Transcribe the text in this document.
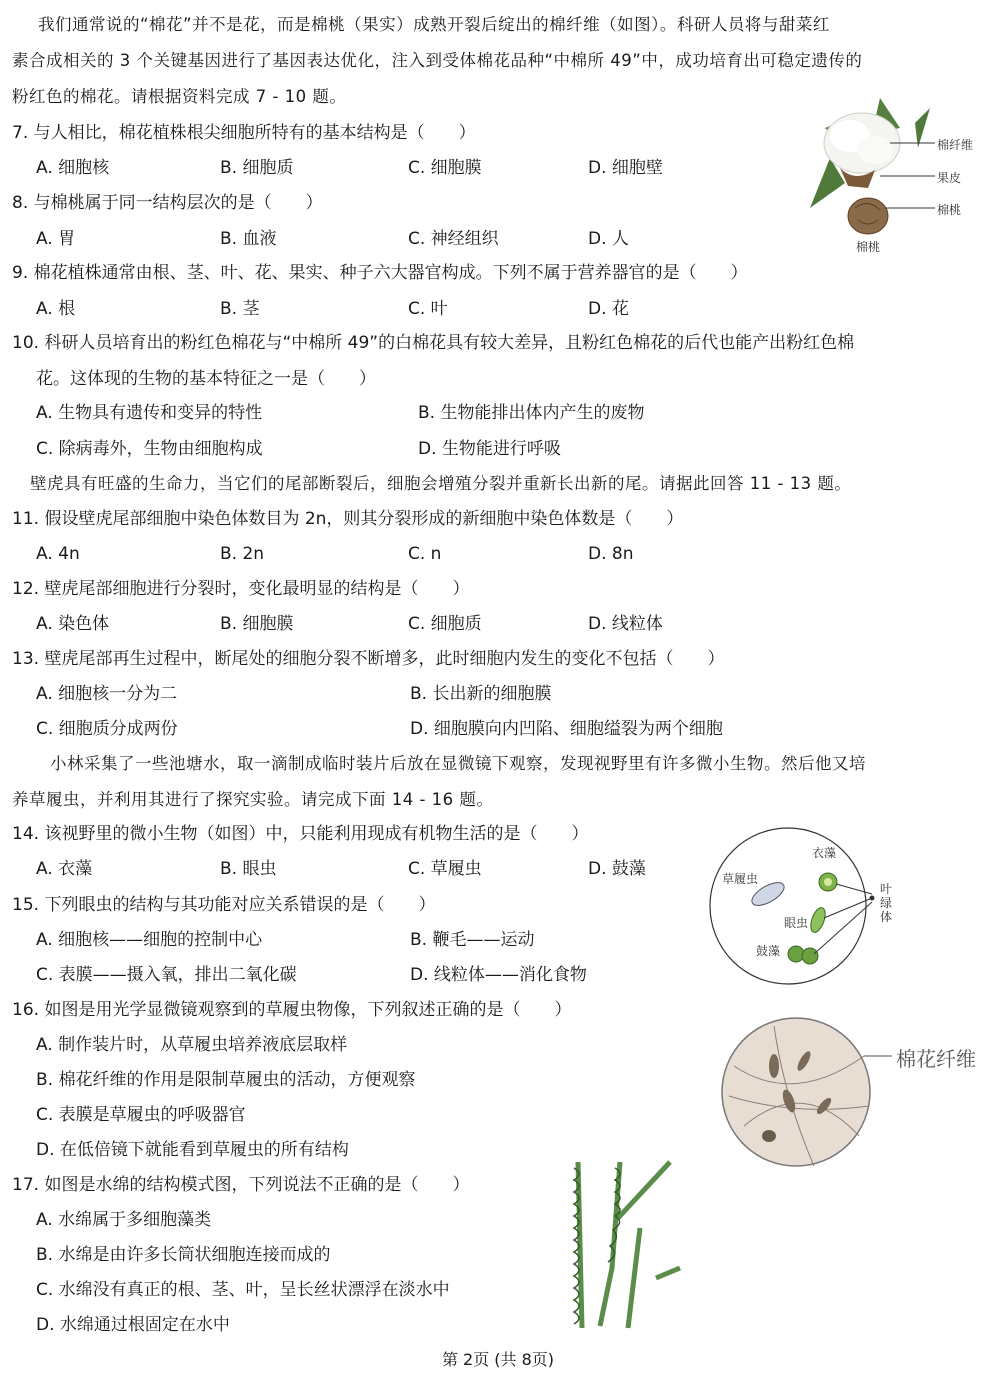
我们通常说的“棉花”并不是花，而是棉桃（果实）成熟开裂后绽出的棉纤维（如图）。科研人员将与甜菜红
素合成相关的 3 个关键基因进行了基因表达优化，注入到受体棉花品种“中棉所 49”中，成功培育出可稳定遗传的
粉红色的棉花。请根据资料完成 7 - 10 题。
7. 与人相比，棉花植株根尖细胞所特有的基本结构是（　　）
A. 细胞核	B. 细胞质	C. 细胞膜	D. 细胞壁
8. 与棉桃属于同一结构层次的是（　　）
A. 胃	B. 血液	C. 神经组织	D. 人
9. 棉花植株通常由根、茎、叶、花、果实、种子六大器官构成。下列不属于营养器官的是（　　）
A. 根	B. 茎	C. 叶	D. 花
10. 科研人员培育出的粉红色棉花与“中棉所 49”的白棉花具有较大差异，且粉红色棉花的后代也能产出粉红色棉
花。这体现的生物的基本特征之一是（　　）
A. 生物具有遗传和变异的特性	B. 生物能排出体内产生的废物
C. 除病毒外，生物由细胞构成	D. 生物能进行呼吸
壁虎具有旺盛的生命力，当它们的尾部断裂后，细胞会增殖分裂并重新长出新的尾。请据此回答 11 - 13 题。
11. 假设壁虎尾部细胞中染色体数目为 2n，则其分裂形成的新细胞中染色体数是（　　）
A. 4n	B. 2n	C. n	D. 8n
12. 壁虎尾部细胞进行分裂时，变化最明显的结构是（　　）
A. 染色体	B. 细胞膜	C. 细胞质	D. 线粒体
13. 壁虎尾部再生过程中，断尾处的细胞分裂不断增多，此时细胞内发生的变化不包括（　　）
A. 细胞核一分为二	B. 长出新的细胞膜
C. 细胞质分成两份	D. 细胞膜向内凹陷、细胞缢裂为两个细胞
小林采集了一些池塘水，取一滴制成临时装片后放在显微镜下观察，发现视野里有许多微小生物。然后他又培
养草履虫，并利用其进行了探究实验。请完成下面 14 - 16 题。
14. 该视野里的微小生物（如图）中，只能利用现成有机物生活的是（　　）
A. 衣藻	B. 眼虫	C. 草履虫	D. 鼓藻
15. 下列眼虫的结构与其功能对应关系错误的是（　　）
A. 细胞核——细胞的控制中心	B. 鞭毛——运动
C. 表膜——摄入氧，排出二氧化碳	D. 线粒体——消化食物
16. 如图是用光学显微镜观察到的草履虫物像，下列叙述正确的是（　　）
A. 制作装片时，从草履虫培养液底层取样
B. 棉花纤维的作用是限制草履虫的活动，方便观察
C. 表膜是草履虫的呼吸器官
D. 在低倍镜下就能看到草履虫的所有结构
17. 如图是水绵的结构模式图，下列说法不正确的是（　　）
A. 水绵属于多细胞藻类
B. 水绵是由许多长筒状细胞连接而成的
C. 水绵没有真正的根、茎、叶，呈长丝状漂浮在淡水中
D. 水绵通过根固定在水中
棉纤维
果皮
棉桃
棉桃
草履虫
衣藻
叶
绿
体
眼虫
鼓藻
棉花纤维
第 2页 (共 8页)
